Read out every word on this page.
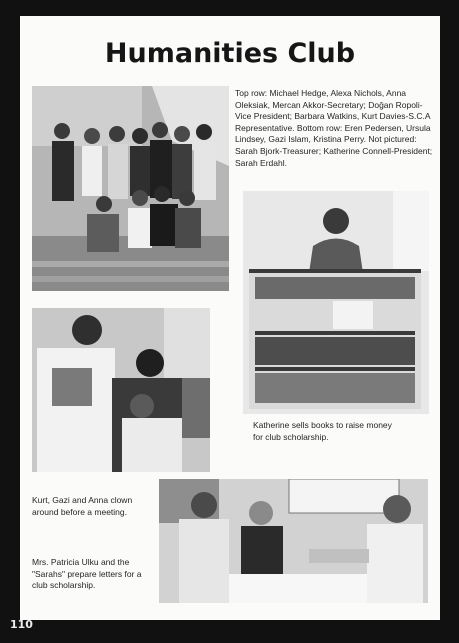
Humanities Club

Top row: Michael Hedge, Alexa Nichols, Anna Oleksiak, Mercan Akkor-Secretary; Doğan Ropoli-Vice President; Barbara Watkins, Kurt Davies-S.C.A Representative. Bottom row: Eren Pedersen, Ursula Lindsey, Gazi Islam, Kristina Perry. Not pictured: Sarah Bjork-Treasurer; Katherine Connell-President; Sarah Erdahl.

Katherine sells books to raise money for club scholarship.

Kurt, Gazi and Anna clown around before a meeting.

Mrs. Patricia Ulku and the "Sarahs" prepare letters for a club scholarship.

110
